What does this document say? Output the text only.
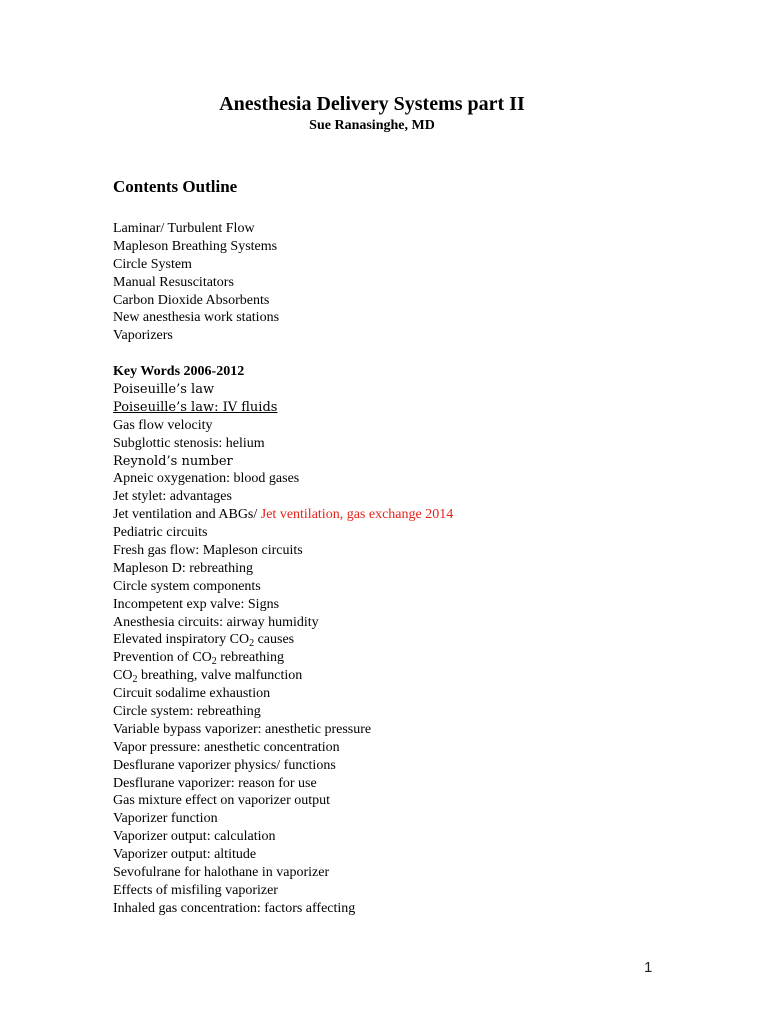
Anesthesia Delivery Systems part II
Sue Ranasinghe, MD
Contents Outline
Laminar/ Turbulent Flow
Mapleson Breathing Systems
Circle System
Manual Resuscitators
Carbon Dioxide Absorbents
New anesthesia work stations
Vaporizers
Key Words 2006-2012
Poiseuille’s law
Poiseuille’s law: IV fluids
Gas flow velocity
Subglottic stenosis: helium
Reynold’s number
Apneic oxygenation: blood gases
Jet stylet: advantages
Jet ventilation and ABGs/ Jet ventilation, gas exchange 2014
Pediatric circuits
Fresh gas flow: Mapleson circuits
Mapleson D: rebreathing
Circle system components
Incompetent exp valve: Signs
Anesthesia circuits: airway humidity
Elevated inspiratory $CO_2$ causes
Prevention of $CO_2$ rebreathing
$CO_2$ breathing, valve malfunction
Circuit sodalime exhaustion
Circle system: rebreathing
Variable bypass vaporizer: anesthetic pressure
Vapor pressure: anesthetic concentration
Desflurane vaporizer physics/ functions
Desflurane vaporizer: reason for use
Gas mixture effect on vaporizer output
Vaporizer function
Vaporizer output: calculation
Vaporizer output: altitude
Sevofulrane for halothane in vaporizer
Effects of misfiling vaporizer
Inhaled gas concentration: factors affecting
1
